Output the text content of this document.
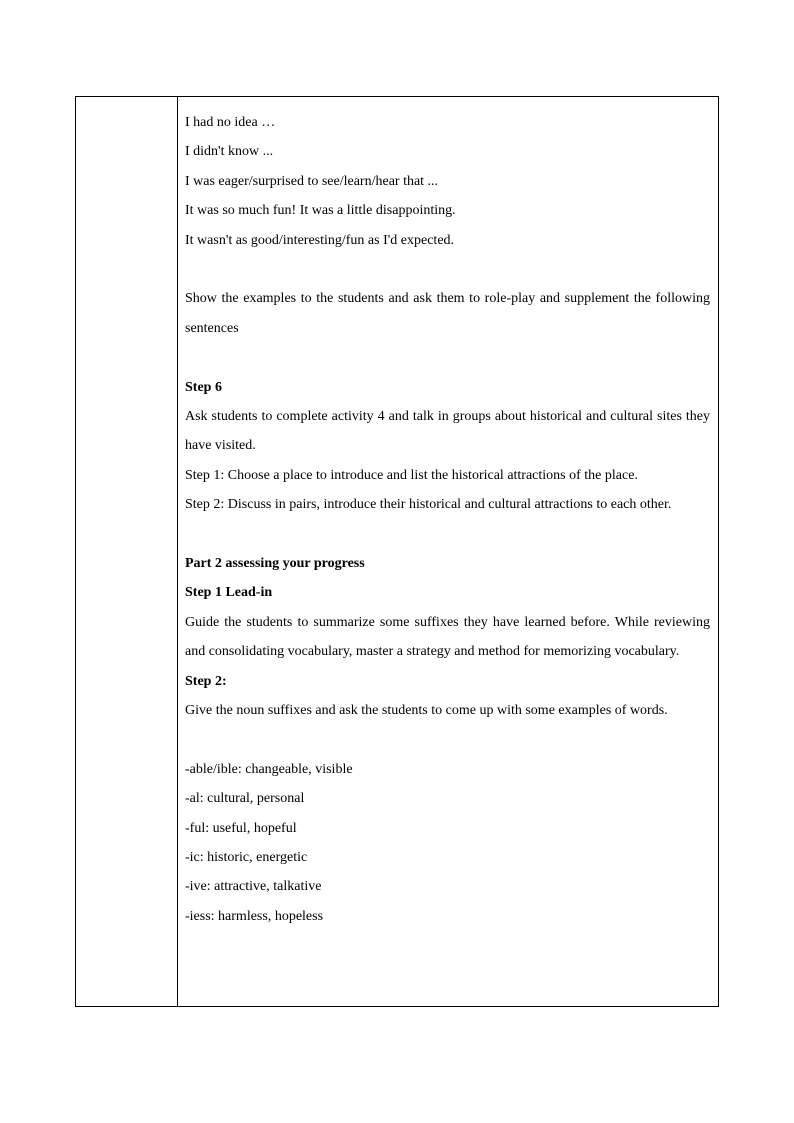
I had no idea …
I didn't know ...
I was eager/surprised to see/learn/hear that ...
It was so much fun! It was a little disappointing.
It wasn't as good/interesting/fun as I'd expected.
Show the examples to the students and ask them to role-play and supplement the following sentences
Step 6
Ask students to complete activity 4 and talk in groups about historical and cultural sites they have visited.
Step 1: Choose a place to introduce and list the historical attractions of the place.
Step 2: Discuss in pairs, introduce their historical and cultural attractions to each other.
Part 2 assessing your progress
Step 1 Lead-in
Guide the students to summarize some suffixes they have learned before. While reviewing and consolidating vocabulary, master a strategy and method for memorizing vocabulary.
Step 2:
Give the noun suffixes and ask the students to come up with some examples of words.
-able/ible: changeable, visible
-al: cultural, personal
-ful: useful, hopeful
-ic: historic, energetic
-ive: attractive, talkative
-iess: harmless, hopeless
